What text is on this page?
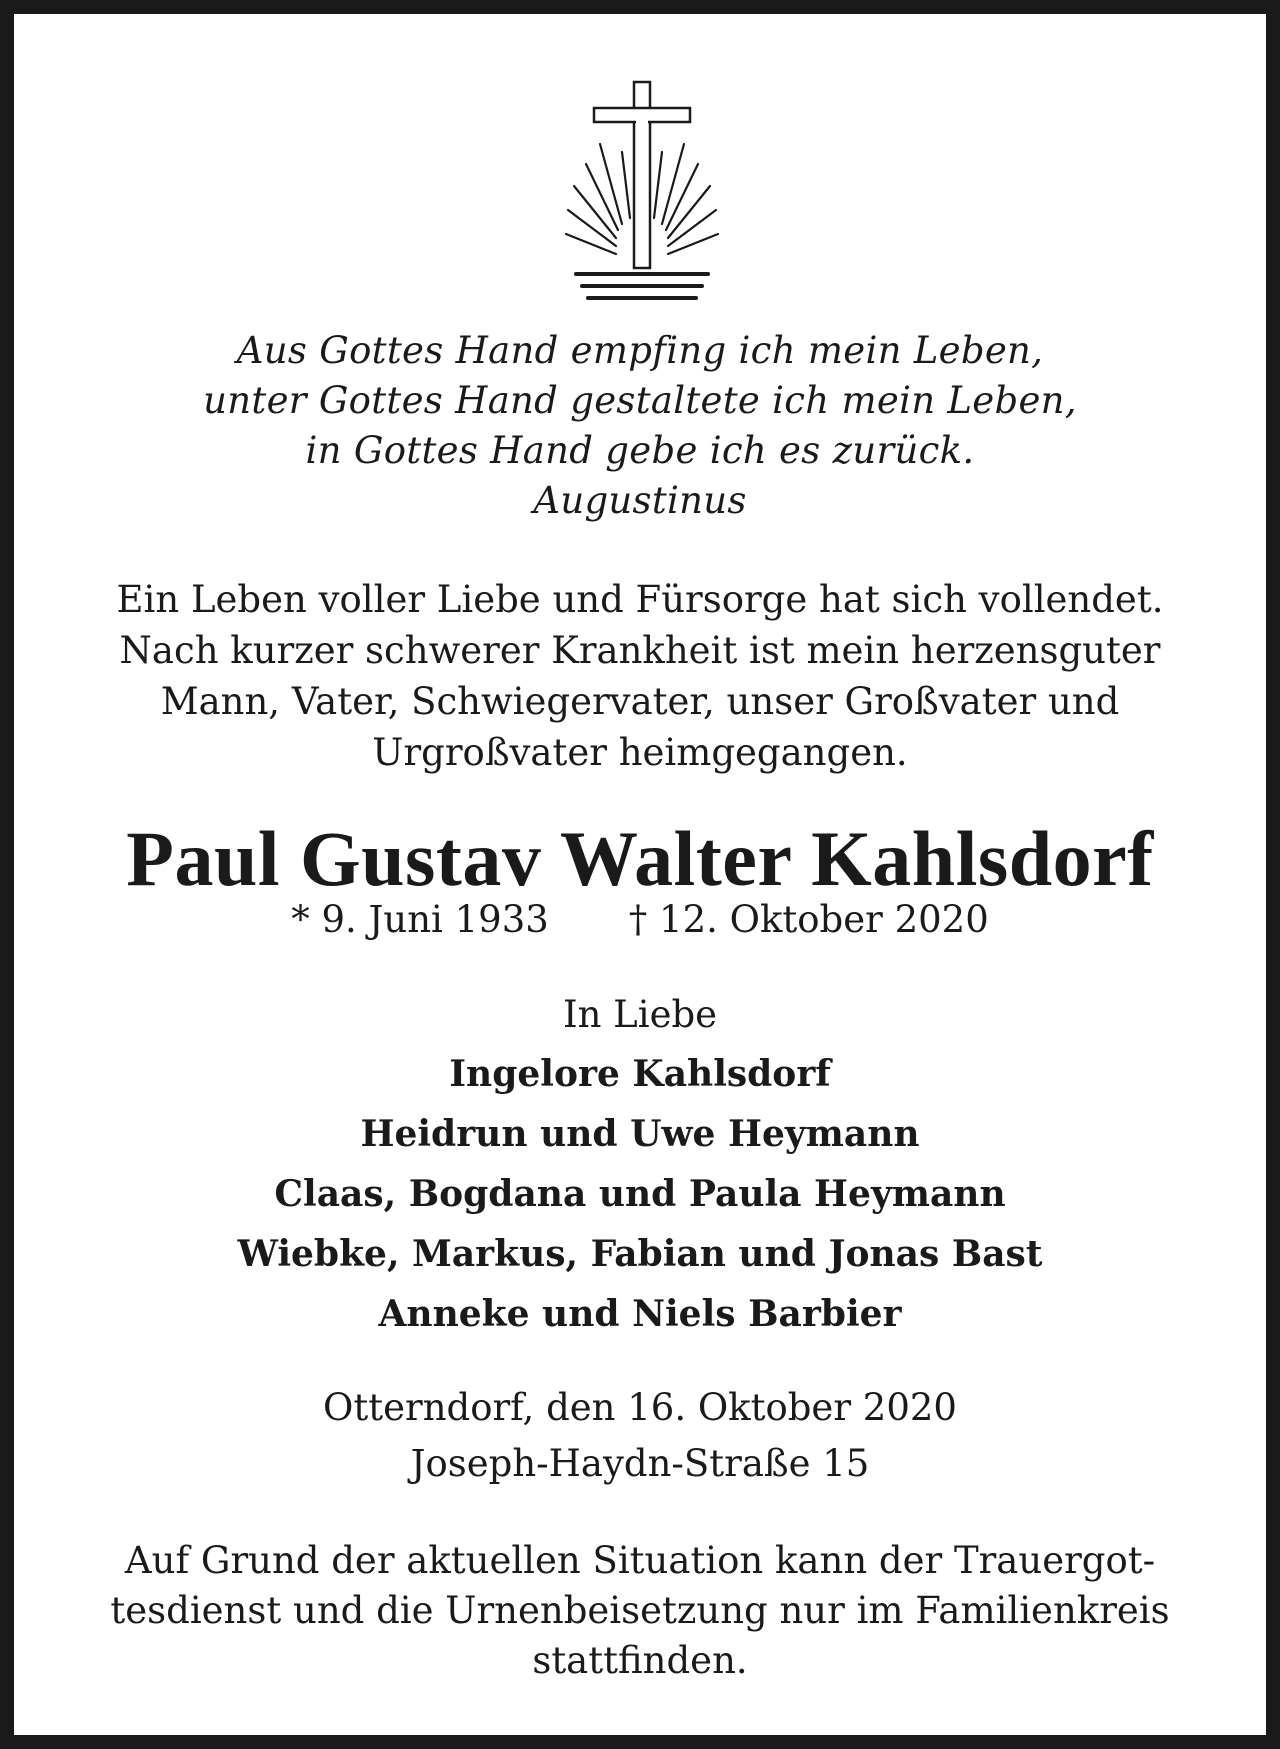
Aus Gottes Hand empfing ich mein Leben,
unter Gottes Hand gestaltete ich mein Leben,
in Gottes Hand gebe ich es zurück.
Augustinus
Ein Leben voller Liebe und Fürsorge hat sich vollendet.
Nach kurzer schwerer Krankheit ist mein herzensguter
Mann, Vater, Schwiegervater, unser Großvater und
Urgroßvater heimgegangen.
Paul Gustav Walter Kahlsdorf
* 9. Juni 1933 † 12. Oktober 2020
In Liebe
Ingelore Kahlsdorf
Heidrun und Uwe Heymann
Claas, Bogdana und Paula Heymann
Wiebke, Markus, Fabian und Jonas Bast
Anneke und Niels Barbier
Otterndorf, den 16. Oktober 2020
Joseph-Haydn-Straße 15
Auf Grund der aktuellen Situation kann der Trauergot-
tesdienst und die Urnenbeisetzung nur im Familienkreis
stattfinden.
